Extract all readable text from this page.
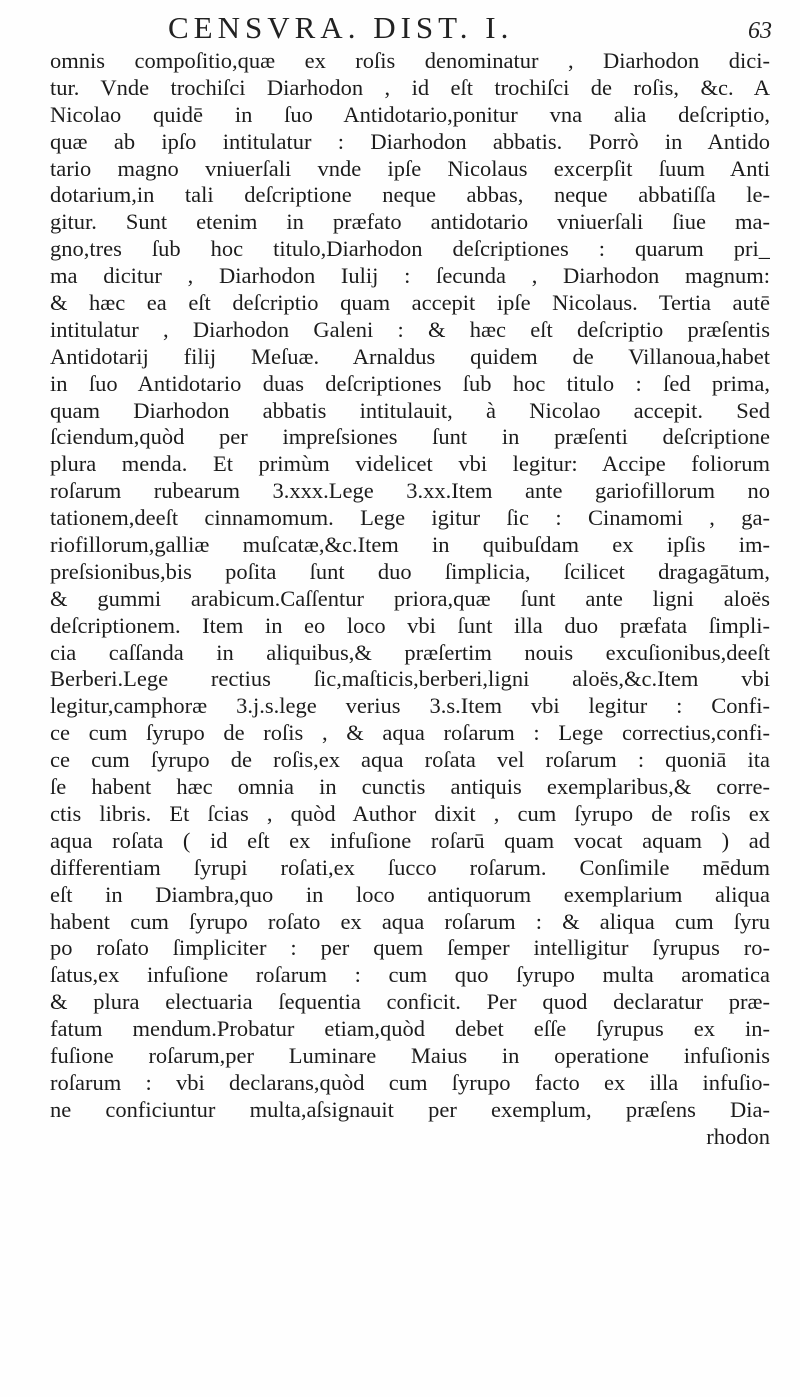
CENSVRA. DIST. I.	63
omnis compoſitio,quæ ex roſis denominatur , Diarhodon dici-
tur. Vnde trochiſci Diarhodon , id eſt trochiſci de roſis, &c. A
Nicolao quidē in ſuo Antidotario,ponitur vna alia deſcriptio,
quæ ab ipſo intitulatur : Diarhodon abbatis. Porrò in Antido
tario magno vniuerſali vnde ipſe Nicolaus excerpſit ſuum Anti
dotarium,in tali deſcriptione neque abbas, neque abbatiſſa le-
gitur. Sunt etenim in præfato antidotario vniuerſali ſiue ma-
gno,tres ſub hoc titulo,Diarhodon deſcriptiones : quarum pri_
ma dicitur , Diarhodon Iulij : ſecunda , Diarhodon magnum:
& hæc ea eſt deſcriptio quam accepit ipſe Nicolaus. Tertia autē
intitulatur , Diarhodon Galeni : & hæc eſt deſcriptio præſentis
Antidotarij filij Meſuæ. Arnaldus quidem de Villanoua,habet
in ſuo Antidotario duas deſcriptiones ſub hoc titulo : ſed prima,
quam Diarhodon abbatis intitulauit, à Nicolao accepit. Sed
ſciendum,quòd per impreſsiones ſunt in præſenti deſcriptione
plura menda. Et primùm videlicet vbi legitur: Accipe foliorum
roſarum rubearum 3.xxx.Lege 3.xx.Item ante gariofillorum no
tationem,deeſt cinnamomum. Lege igitur ſic : Cinamomi , ga-
riofillorum,galliæ muſcatæ,&c.Item in quibuſdam ex ipſis im-
preſsionibus,bis poſita ſunt duo ſimplicia, ſcilicet dragagātum,
& gummi arabicum.Caſſentur priora,quæ ſunt ante ligni aloës
deſcriptionem. Item in eo loco vbi ſunt illa duo præfata ſimpli-
cia caſſanda in aliquibus,& præſertim nouis excuſionibus,deeſt
Berberi.Lege rectius ſic,maſticis,berberi,ligni aloës,&c.Item vbi
legitur,camphoræ 3.j.s.lege verius 3.s.Item vbi legitur : Confi-
ce cum ſyrupo de roſis , & aqua roſarum : Lege correctius,confi-
ce cum ſyrupo de roſis,ex aqua roſata vel roſarum : quoniā ita
ſe habent hæc omnia in cunctis antiquis exemplaribus,& corre-
ctis libris. Et ſcias , quòd Author dixit , cum ſyrupo de roſis ex
aqua roſata ( id eſt ex infuſione roſarū quam vocat aquam ) ad
differentiam ſyrupi roſati,ex ſucco roſarum. Conſimile mēdum
eſt in Diambra,quo in loco antiquorum exemplarium aliqua
habent cum ſyrupo roſato ex aqua roſarum : & aliqua cum ſyru
po roſato ſimpliciter : per quem ſemper intelligitur ſyrupus ro-
ſatus,ex infuſione roſarum : cum quo ſyrupo multa aromatica
& plura electuaria ſequentia conficit. Per quod declaratur præ-
fatum mendum.Probatur etiam,quòd debet eſſe ſyrupus ex in-
fuſione roſarum,per Luminare Maius in operatione infuſionis
roſarum : vbi declarans,quòd cum ſyrupo facto ex illa infuſio-
ne conficiuntur multa,aſsignauit per exemplum, præſens Dia-
rhodon
